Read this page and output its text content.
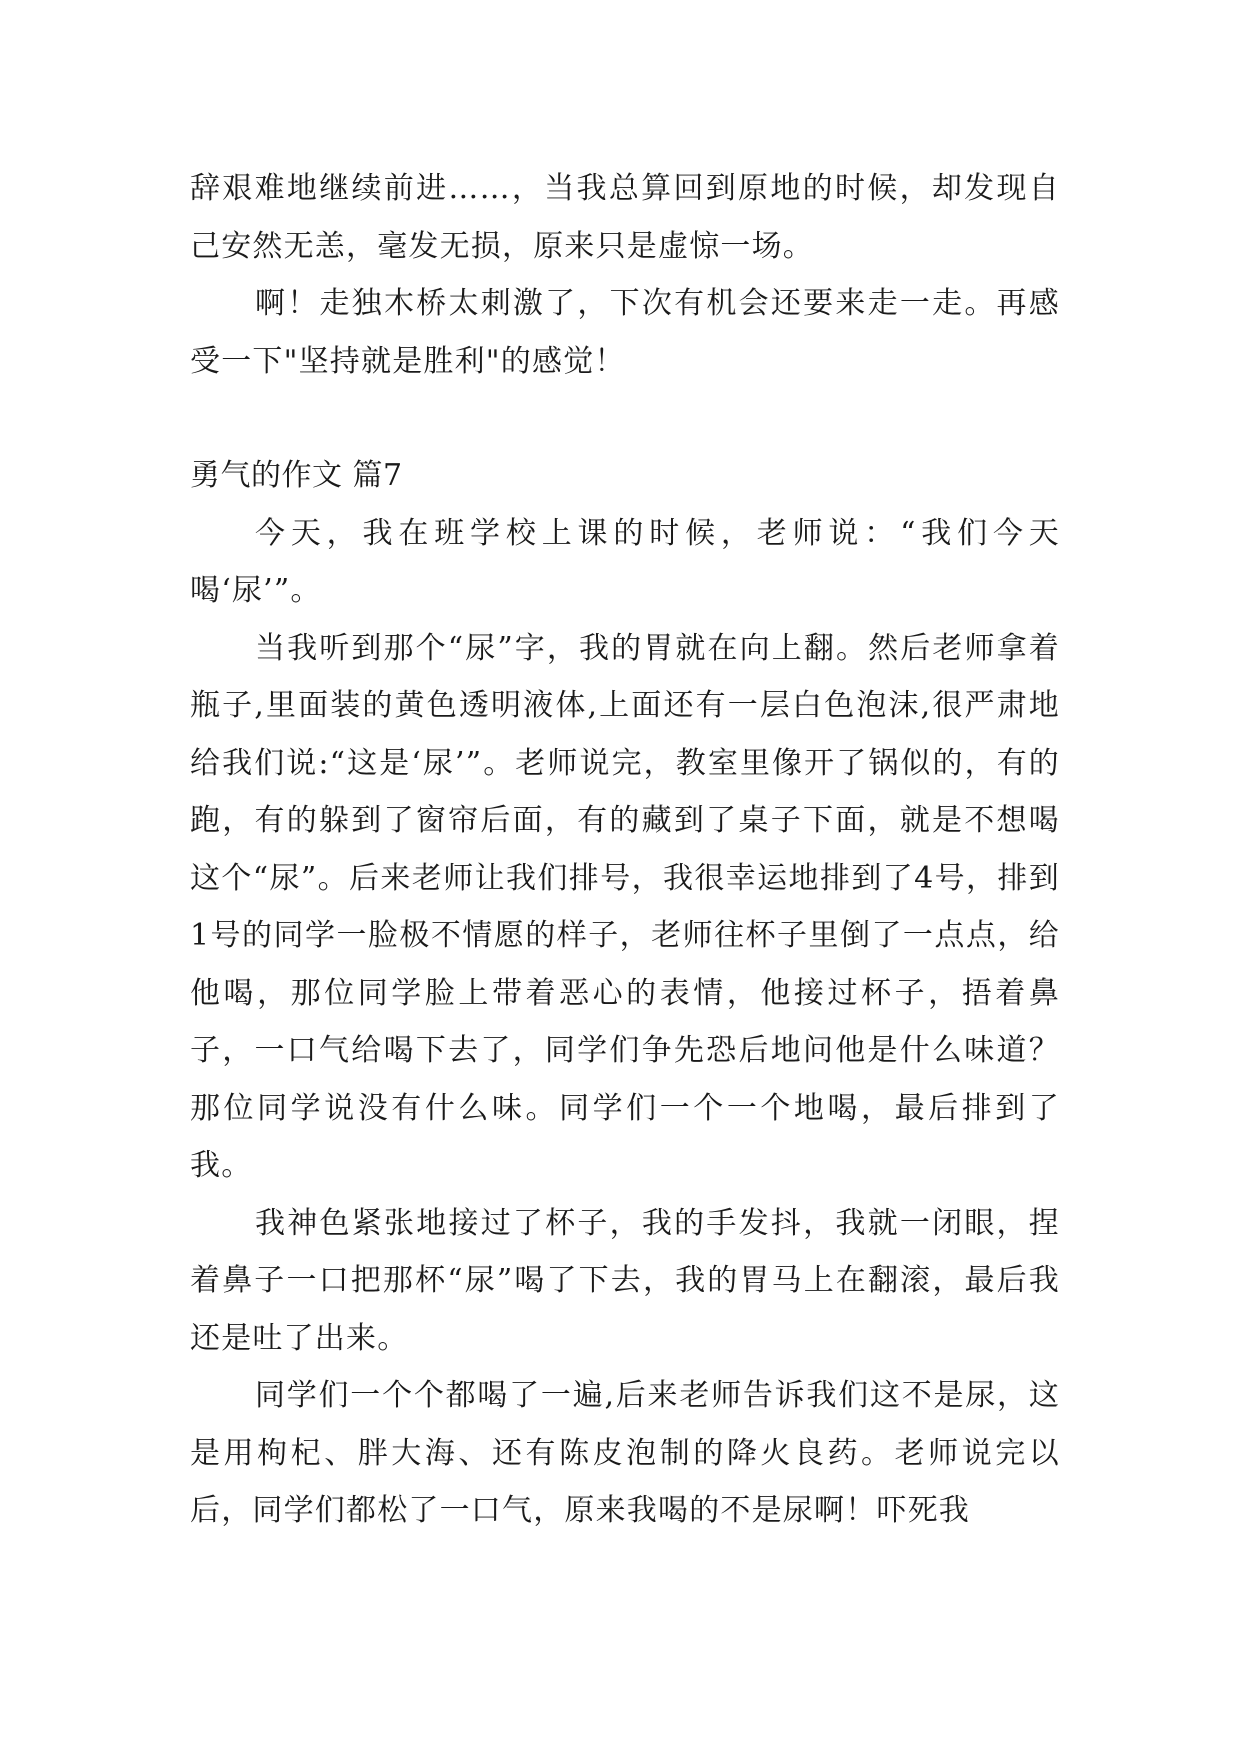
辞艰难地继续前进……，当我总算回到原地的时候，却发现自己安然无恙，毫发无损，原来只是虚惊一场。

啊！走独木桥太刺激了，下次有机会还要来走一走。再感受一下"坚持就是胜利"的感觉！

勇气的作文 篇7

今天，我在班学校上课的时候，老师说：“我们今天喝‘尿’”。

当我听到那个“尿”字，我的胃就在向上翻。然后老师拿着瓶子,里面装的黄色透明液体,上面还有一层白色泡沫,很严肃地给我们说:“这是‘尿’”。老师说完，教室里像开了锅似的，有的跑，有的躲到了窗帘后面，有的藏到了桌子下面，就是不想喝这个“尿”。后来老师让我们排号，我很幸运地排到了4号，排到1号的同学一脸极不情愿的样子，老师往杯子里倒了一点点，给他喝，那位同学脸上带着恶心的表情，他接过杯子，捂着鼻子，一口气给喝下去了，同学们争先恐后地问他是什么味道？那位同学说没有什么味。同学们一个一个地喝，最后排到了我。

我神色紧张地接过了杯子，我的手发抖，我就一闭眼，捏着鼻子一口把那杯“尿”喝了下去，我的胃马上在翻滚，最后我还是吐了出来。

同学们一个个都喝了一遍,后来老师告诉我们这不是尿，这是用枸杞、胖大海、还有陈皮泡制的降火良药。老师说完以后，同学们都松了一口气，原来我喝的不是尿啊！吓死我
